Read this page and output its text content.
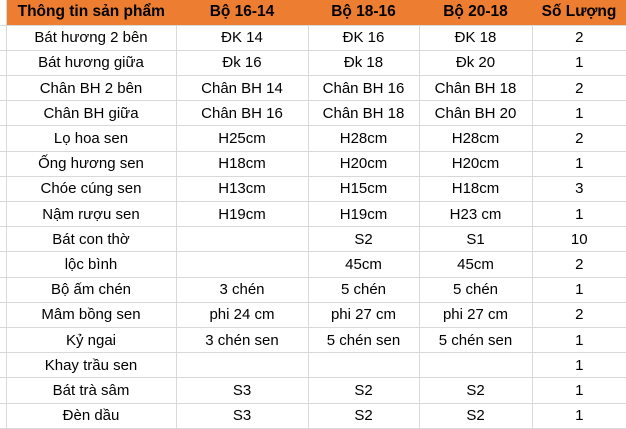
	Thông tin sản phẩm	Bộ 16-14	Bộ 18-16	Bộ 20-18	Số Lượng
	Bát hương 2 bên	ĐK 14	ĐK 16	ĐK 18	2
	Bát hương giữa	Đk 16	Đk 18	Đk 20	1
	Chân BH 2 bên	Chân BH 14	Chân BH 16	Chân BH 18	2
	Chân BH giữa	Chân BH 16	Chân BH 18	Chân BH 20	1
	Lọ hoa sen	H25cm	H28cm	H28cm	2
	Ống hương sen	H18cm	H20cm	H20cm	1
	Chóe cúng sen	H13cm	H15cm	H18cm	3
	Nậm rượu sen	H19cm	H19cm	H23 cm	1
	Bát con thờ		S2	S1	10
	lộc bình		45cm	45cm	2
	Bộ ấm chén	3 chén	5 chén	5 chén	1
	Mâm bồng sen	phi 24 cm	phi 27 cm	phi 27 cm	2
	Kỷ ngai	3 chén sen	5 chén sen	5 chén sen	1
	Khay trầu sen				1
	Bát trà sâm	S3	S2	S2	1
	Đèn dầu	S3	S2	S2	1
